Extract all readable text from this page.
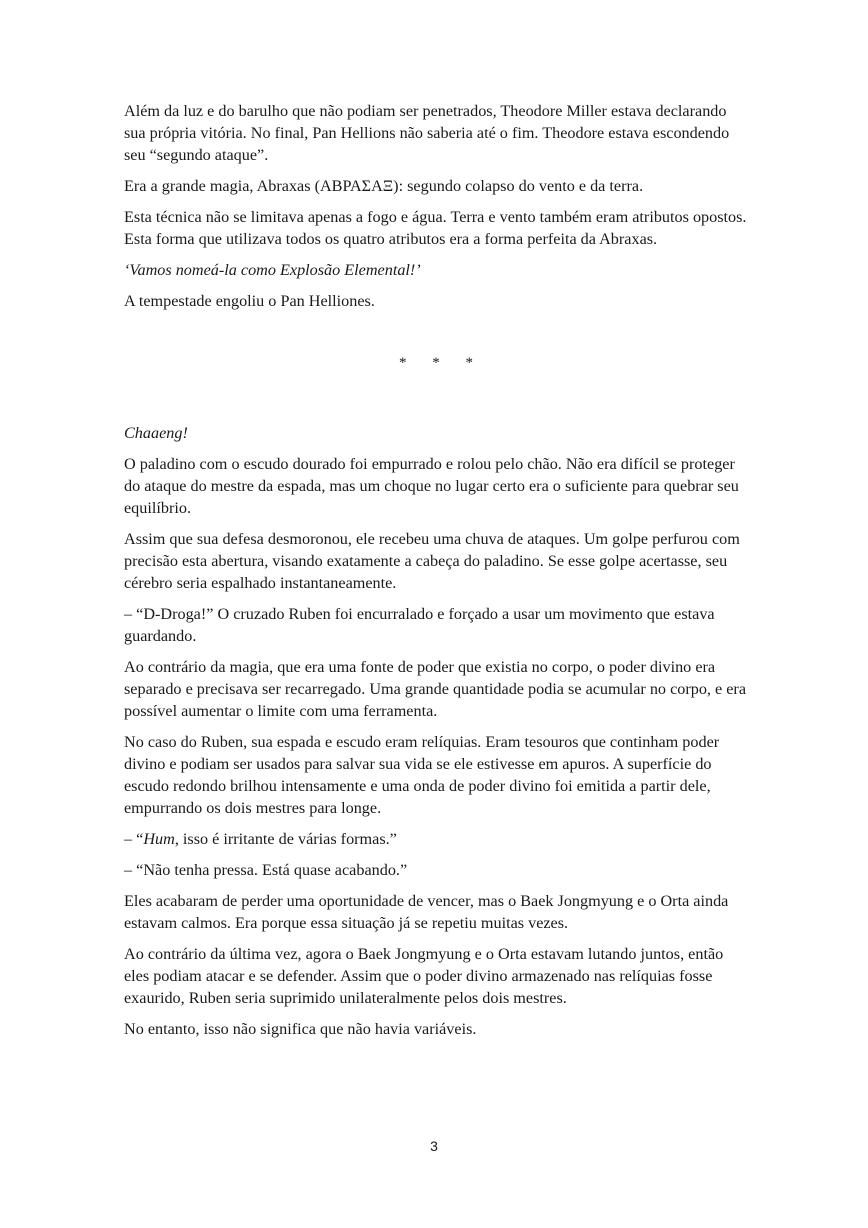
Além da luz e do barulho que não podiam ser penetrados, Theodore Miller estava declarando sua própria vitória. No final, Pan Hellions não saberia até o fim. Theodore estava escondendo seu “segundo ataque”.

Era a grande magia, Abraxas (ΑΒΡΑΣΑΞ): segundo colapso do vento e da terra.

Esta técnica não se limitava apenas a fogo e água. Terra e vento também eram atributos opostos. Esta forma que utilizava todos os quatro atributos era a forma perfeita da Abraxas.

‘Vamos nomeá-la como Explosão Elemental!’

A tempestade engoliu o Pan Helliones.

* * *

Chaaeng!

O paladino com o escudo dourado foi empurrado e rolou pelo chão. Não era difícil se proteger do ataque do mestre da espada, mas um choque no lugar certo era o suficiente para quebrar seu equilíbrio.

Assim que sua defesa desmoronou, ele recebeu uma chuva de ataques. Um golpe perfurou com precisão esta abertura, visando exatamente a cabeça do paladino. Se esse golpe acertasse, seu cérebro seria espalhado instantaneamente.

– “D-Droga!” O cruzado Ruben foi encurralado e forçado a usar um movimento que estava guardando.

Ao contrário da magia, que era uma fonte de poder que existia no corpo, o poder divino era separado e precisava ser recarregado. Uma grande quantidade podia se acumular no corpo, e era possível aumentar o limite com uma ferramenta.

No caso do Ruben, sua espada e escudo eram relíquias. Eram tesouros que continham poder divino e podiam ser usados para salvar sua vida se ele estivesse em apuros. A superfície do escudo redondo brilhou intensamente e uma onda de poder divino foi emitida a partir dele, empurrando os dois mestres para longe.

– “Hum, isso é irritante de várias formas.”

– “Não tenha pressa. Está quase acabando.”

Eles acabaram de perder uma oportunidade de vencer, mas o Baek Jongmyung e o Orta ainda estavam calmos. Era porque essa situação já se repetiu muitas vezes.

Ao contrário da última vez, agora o Baek Jongmyung e o Orta estavam lutando juntos, então eles podiam atacar e se defender. Assim que o poder divino armazenado nas relíquias fosse exaurido, Ruben seria suprimido unilateralmente pelos dois mestres.

No entanto, isso não significa que não havia variáveis.

3
